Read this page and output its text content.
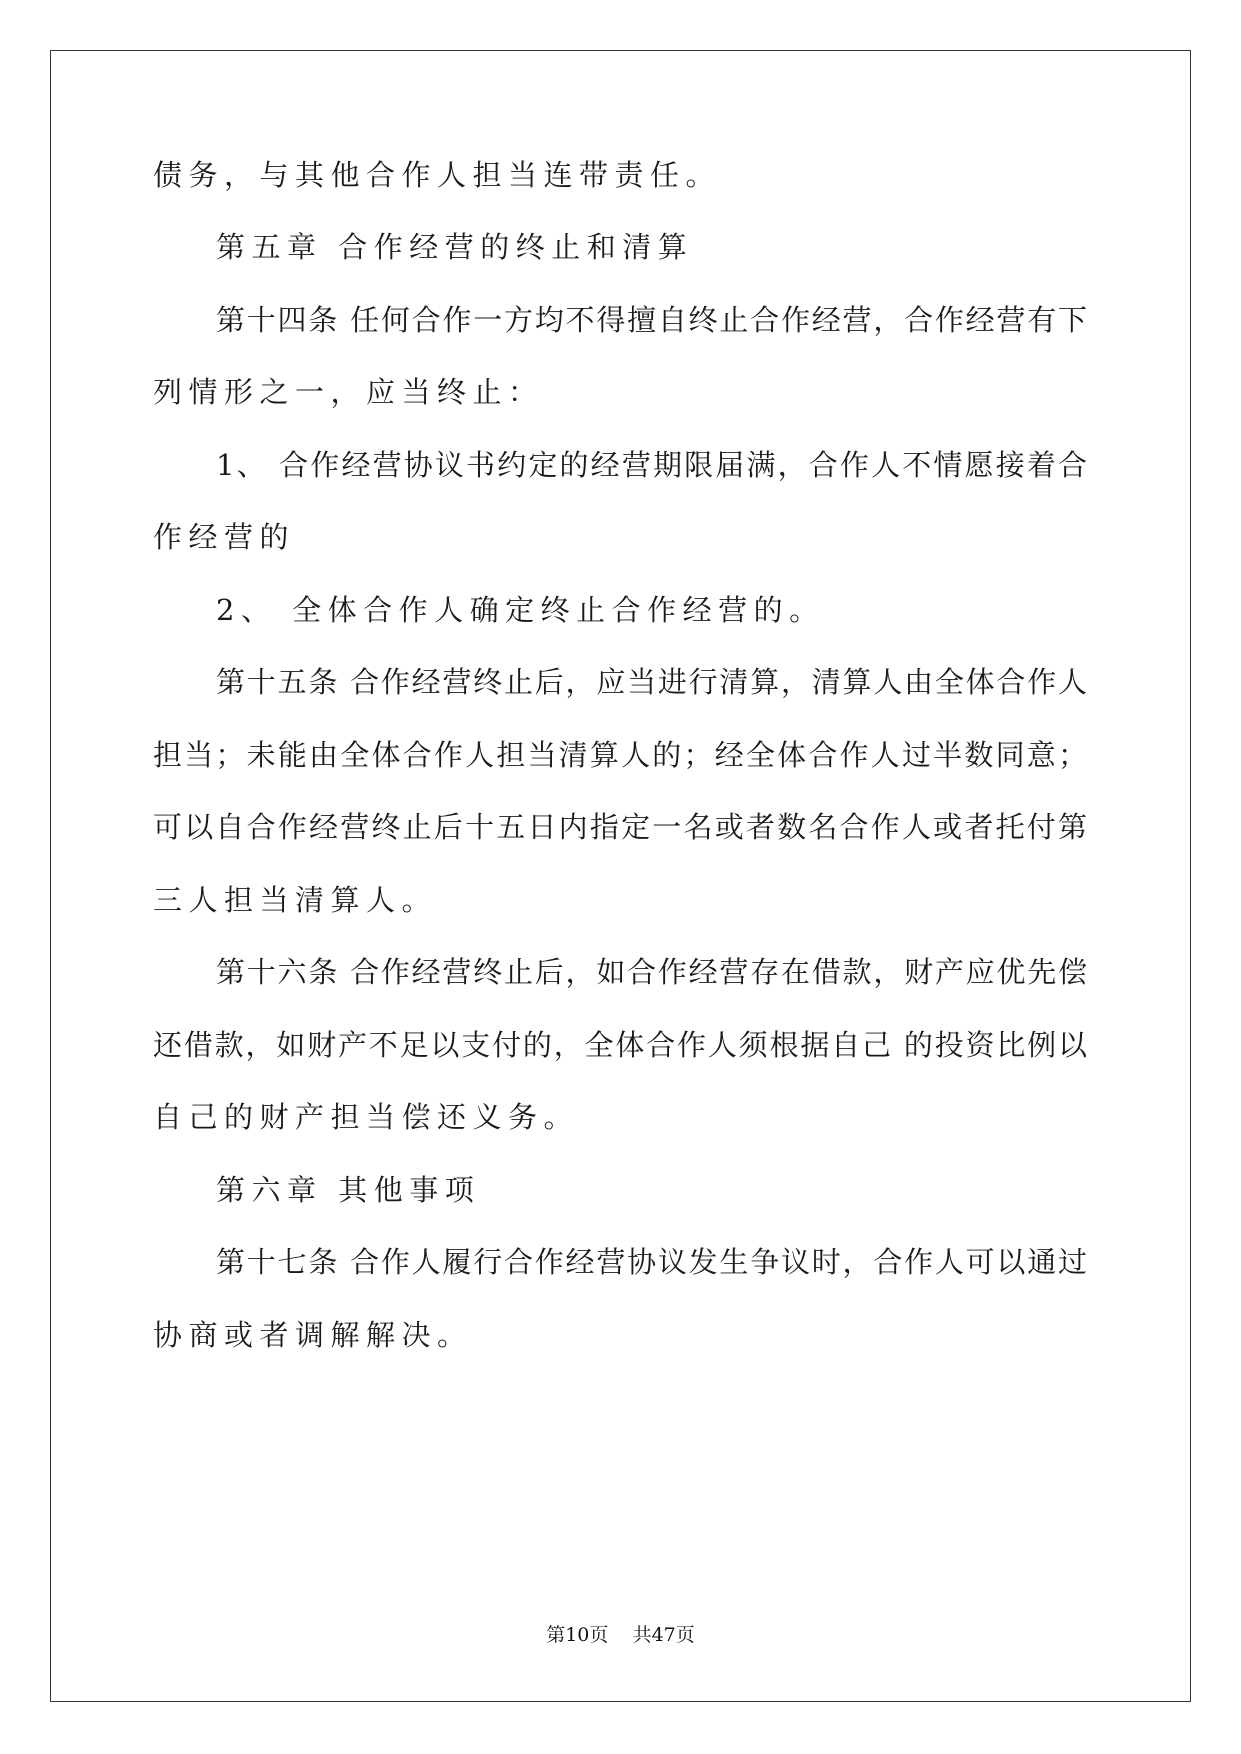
债务，与其他合作人担当连带责任。
第五章 合作经营的终止和清算
第十四条 任何合作一方均不得擅自终止合作经营，合作经营有下
列情形之一，应当终止：
1、 合作经营协议书约定的经营期限届满，合作人不情愿接着合
作经营的
2、 全体合作人确定终止合作经营的。
第十五条 合作经营终止后，应当进行清算，清算人由全体合作人
担当；未能由全体合作人担当清算人的；经全体合作人过半数同意；
可以自合作经营终止后十五日内指定一名或者数名合作人或者托付第
三人担当清算人。
第十六条 合作经营终止后，如合作经营存在借款，财产应优先偿
还借款，如财产不足以支付的，全体合作人须根据自己 的投资比例以
自己的财产担当偿还义务。
第六章 其他事项
第十七条 合作人履行合作经营协议发生争议时，合作人可以通过
协商或者调解解决。
第10页 共47页
